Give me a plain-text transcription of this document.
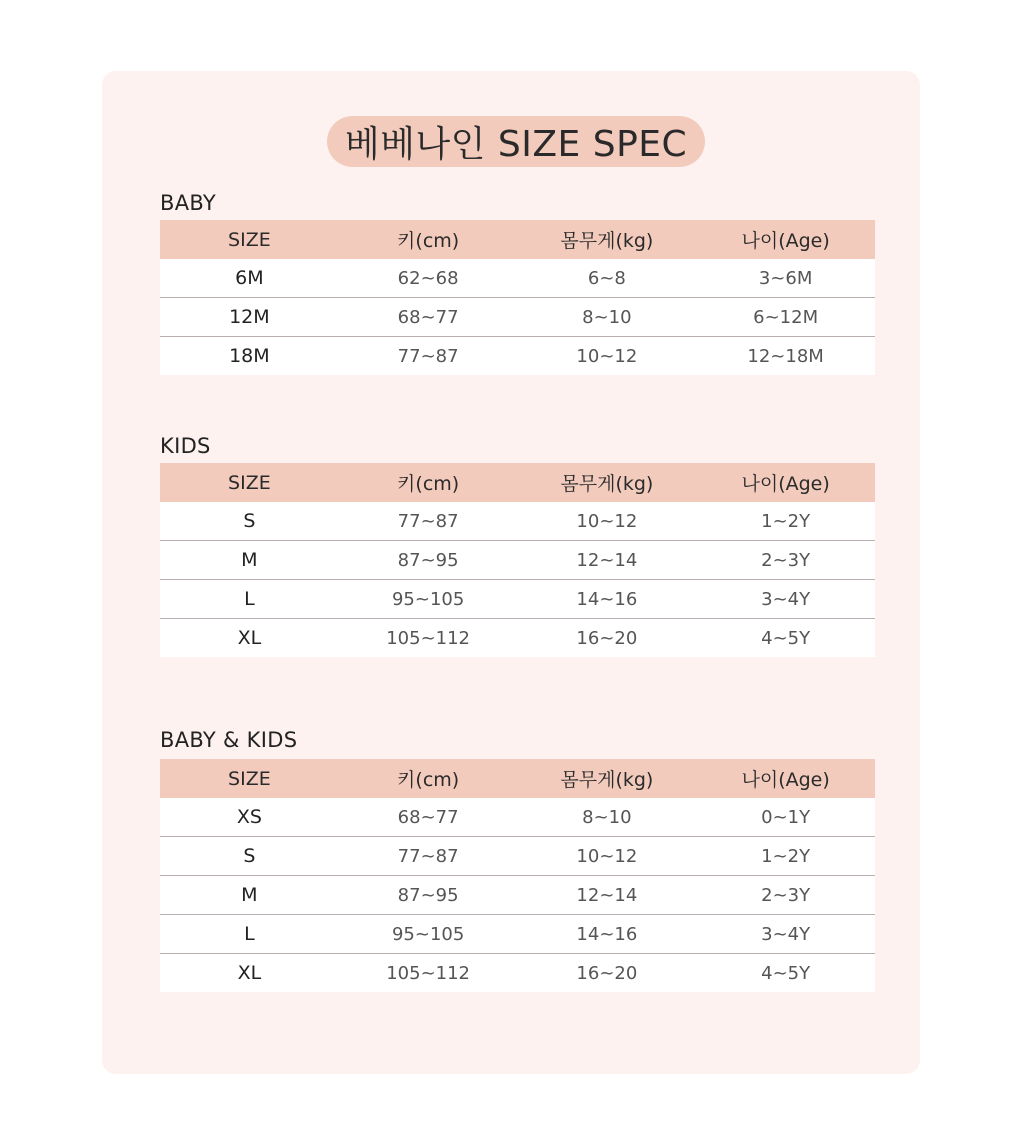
베베나인 SIZE SPEC
BABY
SIZE	키(cm)	몸무게(kg)	나이(Age)
6M	62~68	6~8	3~6M
12M	68~77	8~10	6~12M
18M	77~87	10~12	12~18M
KIDS
SIZE	키(cm)	몸무게(kg)	나이(Age)
S	77~87	10~12	1~2Y
M	87~95	12~14	2~3Y
L	95~105	14~16	3~4Y
XL	105~112	16~20	4~5Y
BABY & KIDS
SIZE	키(cm)	몸무게(kg)	나이(Age)
XS	68~77	8~10	0~1Y
S	77~87	10~12	1~2Y
M	87~95	12~14	2~3Y
L	95~105	14~16	3~4Y
XL	105~112	16~20	4~5Y
